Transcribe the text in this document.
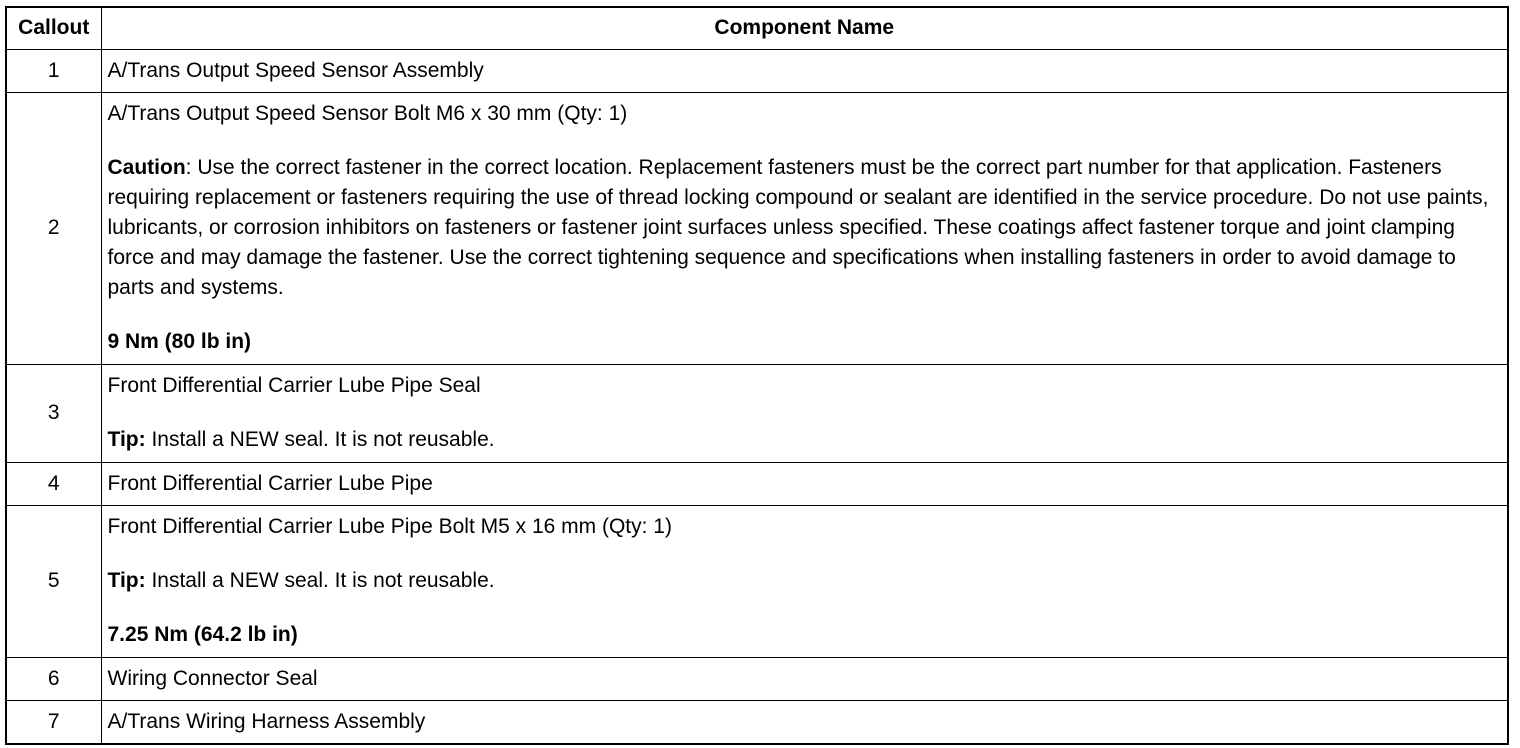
Callout	Component Name
1	A/Trans Output Speed Sensor Assembly

2	A/Trans Output Speed Sensor Bolt M6 x 30 mm (Qty: 1)

Caution: Use the correct fastener in the correct location. Replacement fasteners must be the correct part number for that application. Fasteners requiring replacement or fasteners requiring the use of thread locking compound or sealant are identified in the service procedure. Do not use paints, lubricants, or corrosion inhibitors on fasteners or fastener joint surfaces unless specified. These coatings affect fastener torque and joint clamping force and may damage the fastener. Use the correct tightening sequence and specifications when installing fasteners in order to avoid damage to parts and systems.

9 Nm (80 lb in)

3	Front Differential Carrier Lube Pipe Seal

Tip: Install a NEW seal. It is not reusable.

4	Front Differential Carrier Lube Pipe

5	Front Differential Carrier Lube Pipe Bolt M5 x 16 mm (Qty: 1)

Tip: Install a NEW seal. It is not reusable.

7.25 Nm (64.2 lb in)

6	Wiring Connector Seal

7	A/Trans Wiring Harness Assembly
